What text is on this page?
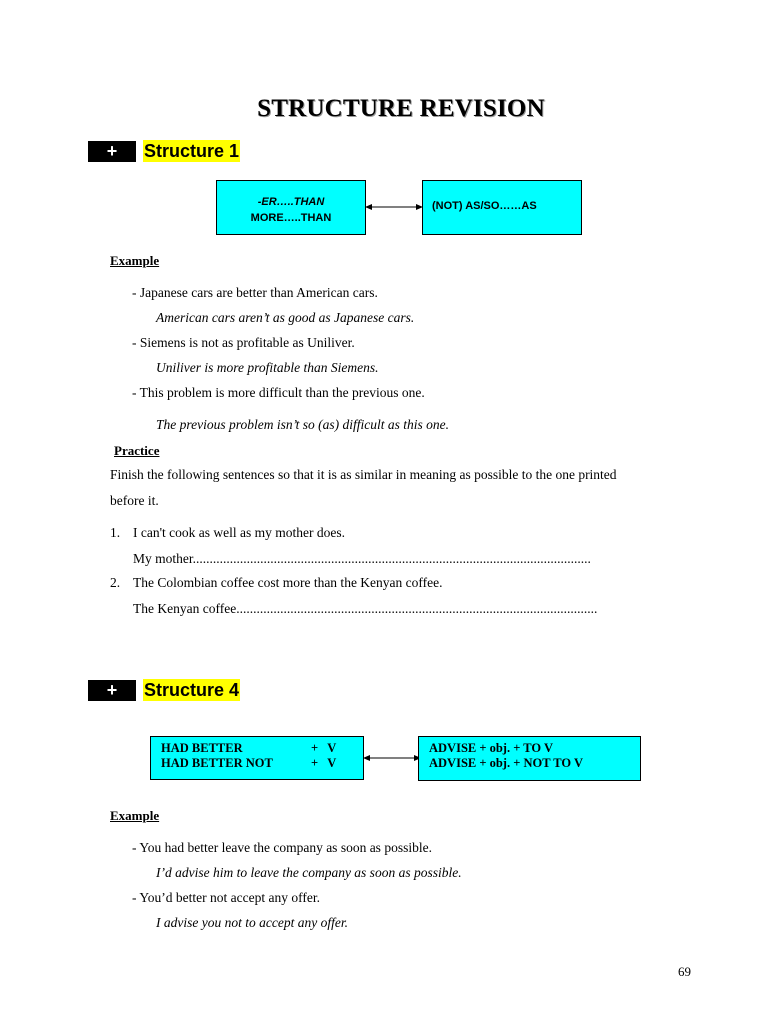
STRUCTURE REVISION
+	Structure 1
-ER…..THAN
MORE…..THAN
(NOT) AS/SO……AS
Example
- Japanese cars are better than American cars.
American cars aren’t as good as Japanese cars.
- Siemens is not as profitable as Uniliver.
Uniliver is more profitable than Siemens.
- This problem is more difficult than the previous one.
The previous problem isn’t so (as) difficult as this one.
Practice
Finish the following sentences so that it is as similar in meaning as possible to the one printed
before it.
1. I can't cook as well as my mother does.
My mother......................................................................................................................
2. The Colombian coffee cost more than the Kenyan coffee.
The Kenyan coffee...........................................................................................................
+	Structure 4
HAD BETTER	+   V
HAD BETTER NOT	+   V
ADVISE + obj. + TO V
ADVISE + obj. + NOT TO V
Example
- You had better leave the company as soon as possible.
I’d advise him to leave the company as soon as possible.
- You’d better not accept any offer.
I advise you not to accept any offer.
69
